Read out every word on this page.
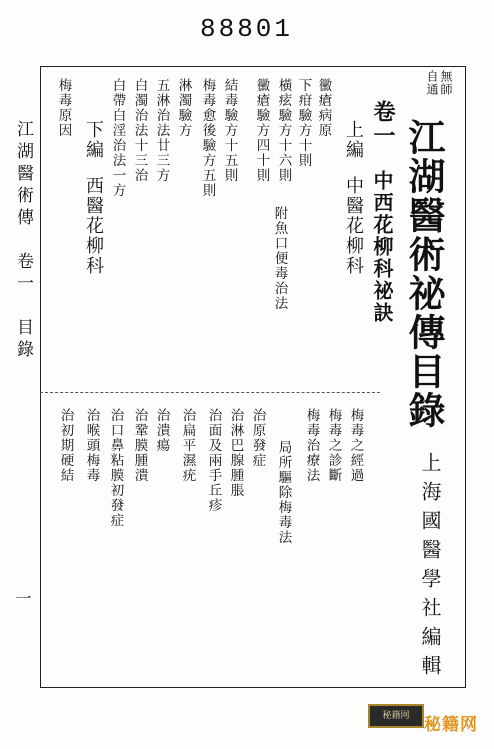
88801
江湖醫術傳　卷一　目錄
一
無師
自通
江湖醫術祕傳目錄
卷一
中西花柳科祕訣
上編
中醫花柳科
附魚口便毒治法
黴瘡病原
下疳驗方十則
橫痃驗方十六則
黴瘡驗方四十則
結毒驗方十五則
梅毒愈後驗方五則
淋濁驗方
五淋治法廿三方
白濁治法十三治
白帶白淫治法一方
下編
西醫花柳科
梅毒原因
梅毒之經過
梅毒之診斷
梅毒治療法
局所驅除梅毒法
治原發症
治淋巴腺腫脹
治面及兩手丘疹
治扁平濕疣
治潰瘍
治鞏膜腫潰
治口鼻粘膜初發症
治喉頭梅毒
治初期硬結
上海國醫學社編輯
秘籍网 秘籍网
